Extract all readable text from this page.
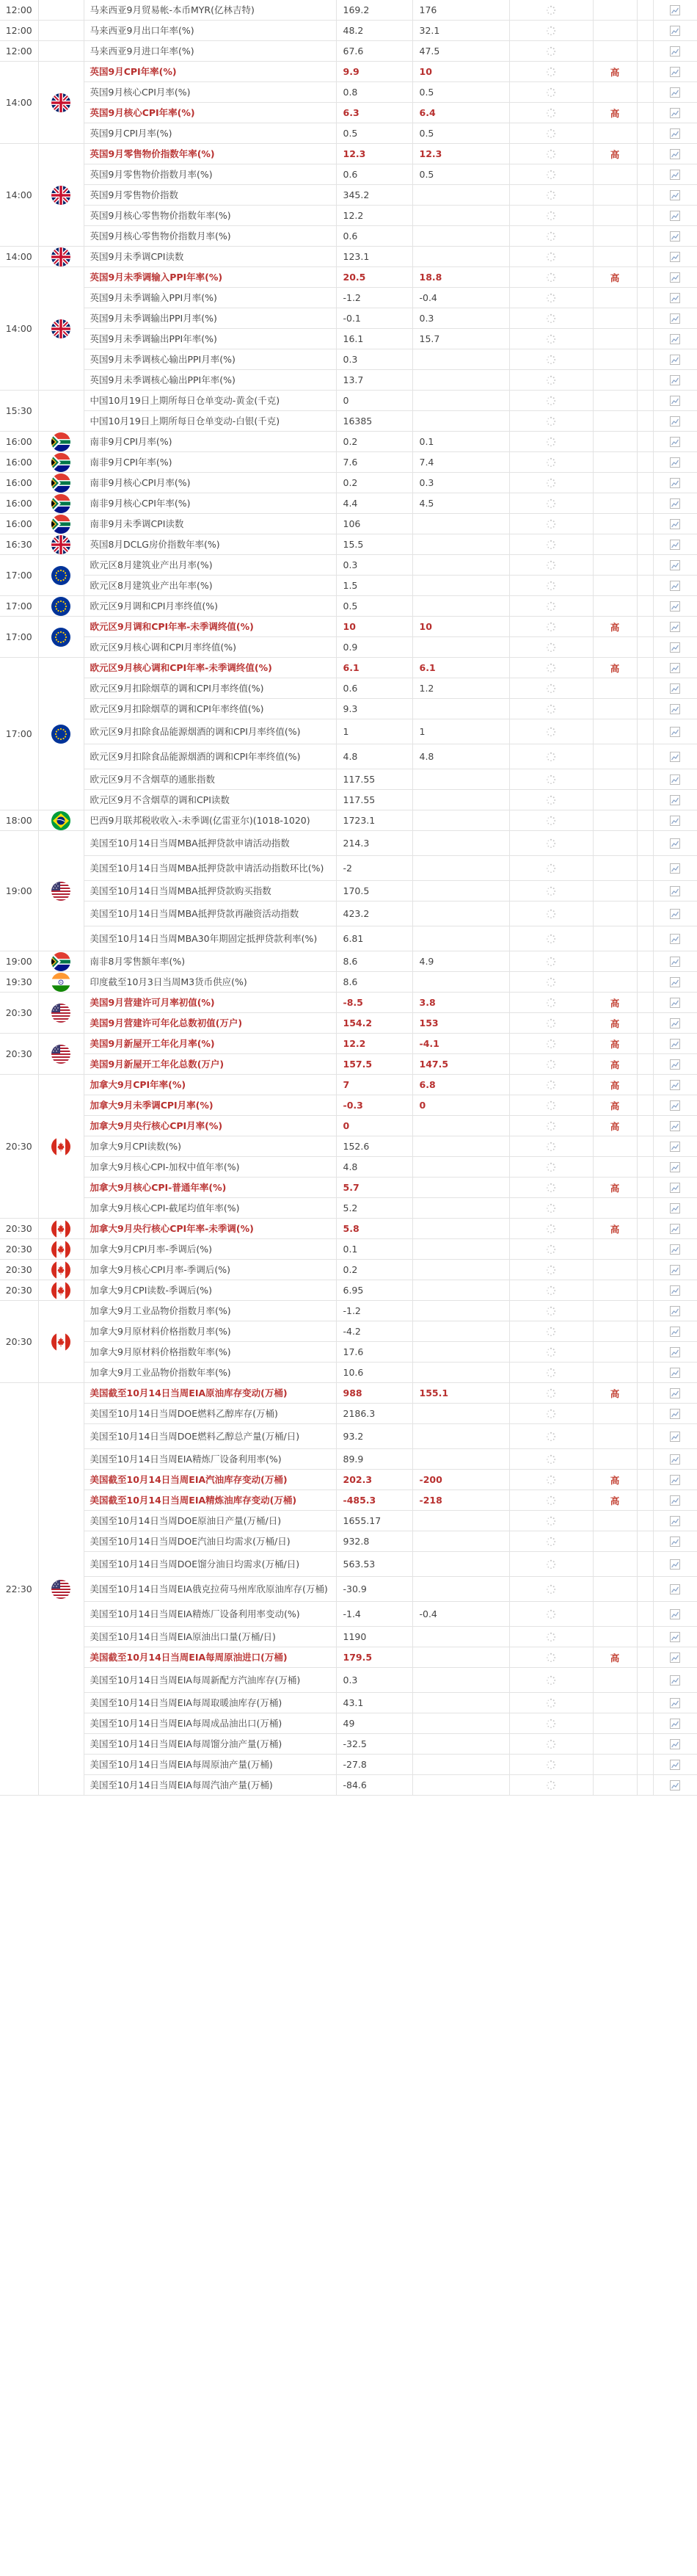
12:00		马来西亚9月贸易帐-本币MYR(亿林吉特)	169.2	176				
12:00		马来西亚9月出口年率(%)	48.2	32.1				
12:00		马来西亚9月进口年率(%)	67.6	47.5				
14:00		英国9月CPI年率(%)	9.9	10		高		
		英国9月核心CPI月率(%)	0.8	0.5				
		英国9月核心CPI年率(%)	6.3	6.4		高		
		英国9月CPI月率(%)	0.5	0.5				
14:00		英国9月零售物价指数年率(%)	12.3	12.3		高		
		英国9月零售物价指数月率(%)	0.6	0.5				
		英国9月零售物价指数	345.2					
		英国9月核心零售物价指数年率(%)	12.2					
		英国9月核心零售物价指数月率(%)	0.6					
14:00		英国9月未季调CPI读数	123.1					
14:00		英国9月未季调输入PPI年率(%)	20.5	18.8		高		
		英国9月未季调输入PPI月率(%)	-1.2	-0.4				
		英国9月未季调输出PPI月率(%)	-0.1	0.3				
		英国9月未季调输出PPI年率(%)	16.1	15.7				
		英国9月未季调核心输出PPI月率(%)	0.3					
		英国9月未季调核心输出PPI年率(%)	13.7					
15:30		中国10月19日上期所每日仓单变动-黄金(千克)	0					
		中国10月19日上期所每日仓单变动-白银(千克)	16385					
16:00		南非9月CPI月率(%)	0.2	0.1				
16:00		南非9月CPI年率(%)	7.6	7.4				
16:00		南非9月核心CPI月率(%)	0.2	0.3				
16:00		南非9月核心CPI年率(%)	4.4	4.5				
16:00		南非9月未季调CPI读数	106					
16:30		英国8月DCLG房价指数年率(%)	15.5					
17:00		欧元区8月建筑业产出月率(%)	0.3					
		欧元区8月建筑业产出年率(%)	1.5					
17:00		欧元区9月调和CPI月率终值(%)	0.5					
17:00		欧元区9月调和CPI年率-未季调终值(%)	10	10		高		
		欧元区9月核心调和CPI月率终值(%)	0.9					
17:00		欧元区9月核心调和CPI年率-未季调终值(%)	6.1	6.1		高		
		欧元区9月扣除烟草的调和CPI月率终值(%)	0.6	1.2				
		欧元区9月扣除烟草的调和CPI年率终值(%)	9.3					
		欧元区9月扣除食品能源烟酒的调和CPI月率终值(%)	1	1				
		欧元区9月扣除食品能源烟酒的调和CPI年率终值(%)	4.8	4.8				
		欧元区9月不含烟草的通胀指数	117.55					
		欧元区9月不含烟草的调和CPI读数	117.55					
18:00		巴西9月联邦税收收入-未季调(亿雷亚尔)(1018-1020)	1723.1					
19:00		美国至10月14日当周MBA抵押贷款申请活动指数	214.3					
		美国至10月14日当周MBA抵押贷款申请活动指数环比(%)	-2					
		美国至10月14日当周MBA抵押贷款购买指数	170.5					
		美国至10月14日当周MBA抵押贷款再融资活动指数	423.2					
		美国至10月14日当周MBA30年期固定抵押贷款利率(%)	6.81					
19:00		南非8月零售额年率(%)	8.6	4.9				
19:30		印度截至10月3日当周M3货币供应(%)	8.6					
20:30		美国9月营建许可月率初值(%)	-8.5	3.8		高		
		美国9月营建许可年化总数初值(万户)	154.2	153		高		
20:30		美国9月新屋开工年化月率(%)	12.2	-4.1		高		
		美国9月新屋开工年化总数(万户)	157.5	147.5		高		
20:30		加拿大9月CPI年率(%)	7	6.8		高		
		加拿大9月未季调CPI月率(%)	-0.3	0		高		
		加拿大9月央行核心CPI月率(%)	0			高		
		加拿大9月CPI读数(%)	152.6					
		加拿大9月核心CPI-加权中值年率(%)	4.8					
		加拿大9月核心CPI-普通年率(%)	5.7			高		
		加拿大9月核心CPI-截尾均值年率(%)	5.2					
20:30		加拿大9月央行核心CPI年率-未季调(%)	5.8			高		
20:30		加拿大9月CPI月率-季调后(%)	0.1					
20:30		加拿大9月核心CPI月率-季调后(%)	0.2					
20:30		加拿大9月CPI读数-季调后(%)	6.95					
20:30		加拿大9月工业品物价指数月率(%)	-1.2					
		加拿大9月原材料价格指数月率(%)	-4.2					
		加拿大9月原材料价格指数年率(%)	17.6					
		加拿大9月工业品物价指数年率(%)	10.6					
22:30		美国截至10月14日当周EIA原油库存变动(万桶)	988	155.1		高		
		美国至10月14日当周DOE燃料乙醇库存(万桶)	2186.3					
		美国至10月14日当周DOE燃料乙醇总产量(万桶/日)	93.2					
		美国至10月14日当周EIA精炼厂设备利用率(%)	89.9					
		美国截至10月14日当周EIA汽油库存变动(万桶)	202.3	-200		高		
		美国截至10月14日当周EIA精炼油库存变动(万桶)	-485.3	-218		高		
		美国至10月14日当周DOE原油日产量(万桶/日)	1655.17					
		美国至10月14日当周DOE汽油日均需求(万桶/日)	932.8					
		美国至10月14日当周DOE馏分油日均需求(万桶/日)	563.53					
		美国至10月14日当周EIA俄克拉荷马州库欣原油库存(万桶)	-30.9					
		美国至10月14日当周EIA精炼厂设备利用率变动(%)	-1.4	-0.4				
		美国至10月14日当周EIA原油出口量(万桶/日)	1190					
		美国截至10月14日当周EIA每周原油进口(万桶)	179.5			高		
		美国至10月14日当周EIA每周新配方汽油库存(万桶)	0.3					
		美国至10月14日当周EIA每周取暖油库存(万桶)	43.1					
		美国至10月14日当周EIA每周成品油出口(万桶)	49					
		美国至10月14日当周EIA每周馏分油产量(万桶)	-32.5					
		美国至10月14日当周EIA每周原油产量(万桶)	-27.8					
		美国至10月14日当周EIA每周汽油产量(万桶)	-84.6					
